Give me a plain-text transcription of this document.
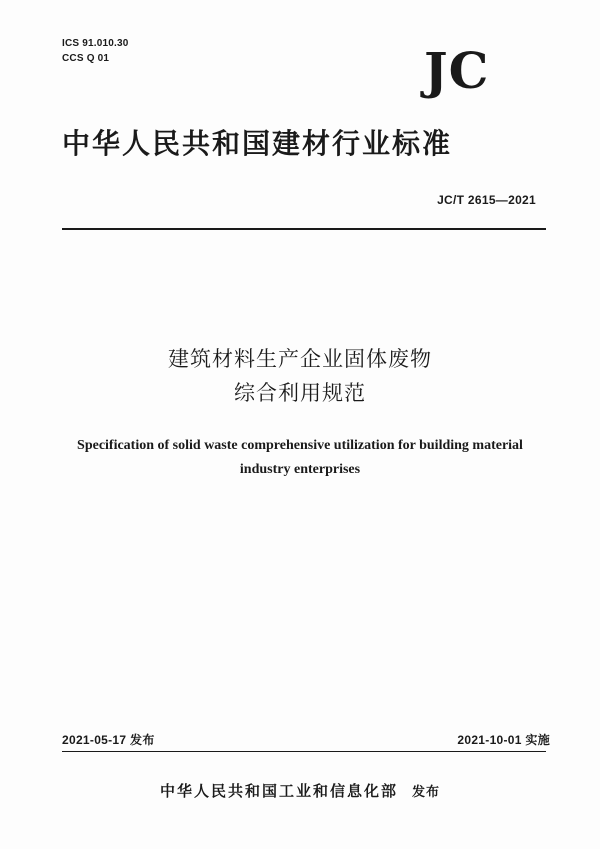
ICS 91.010.30
CCS Q 01	JC
中华人民共和国建材行业标准
JC/T 2615—2021
建筑材料生产企业固体废物
综合利用规范
Specification of solid waste comprehensive utilization for building material
industry enterprises
2021-05-17 发布	2021-10-01 实施
中华人民共和国工业和信息化部 发布
